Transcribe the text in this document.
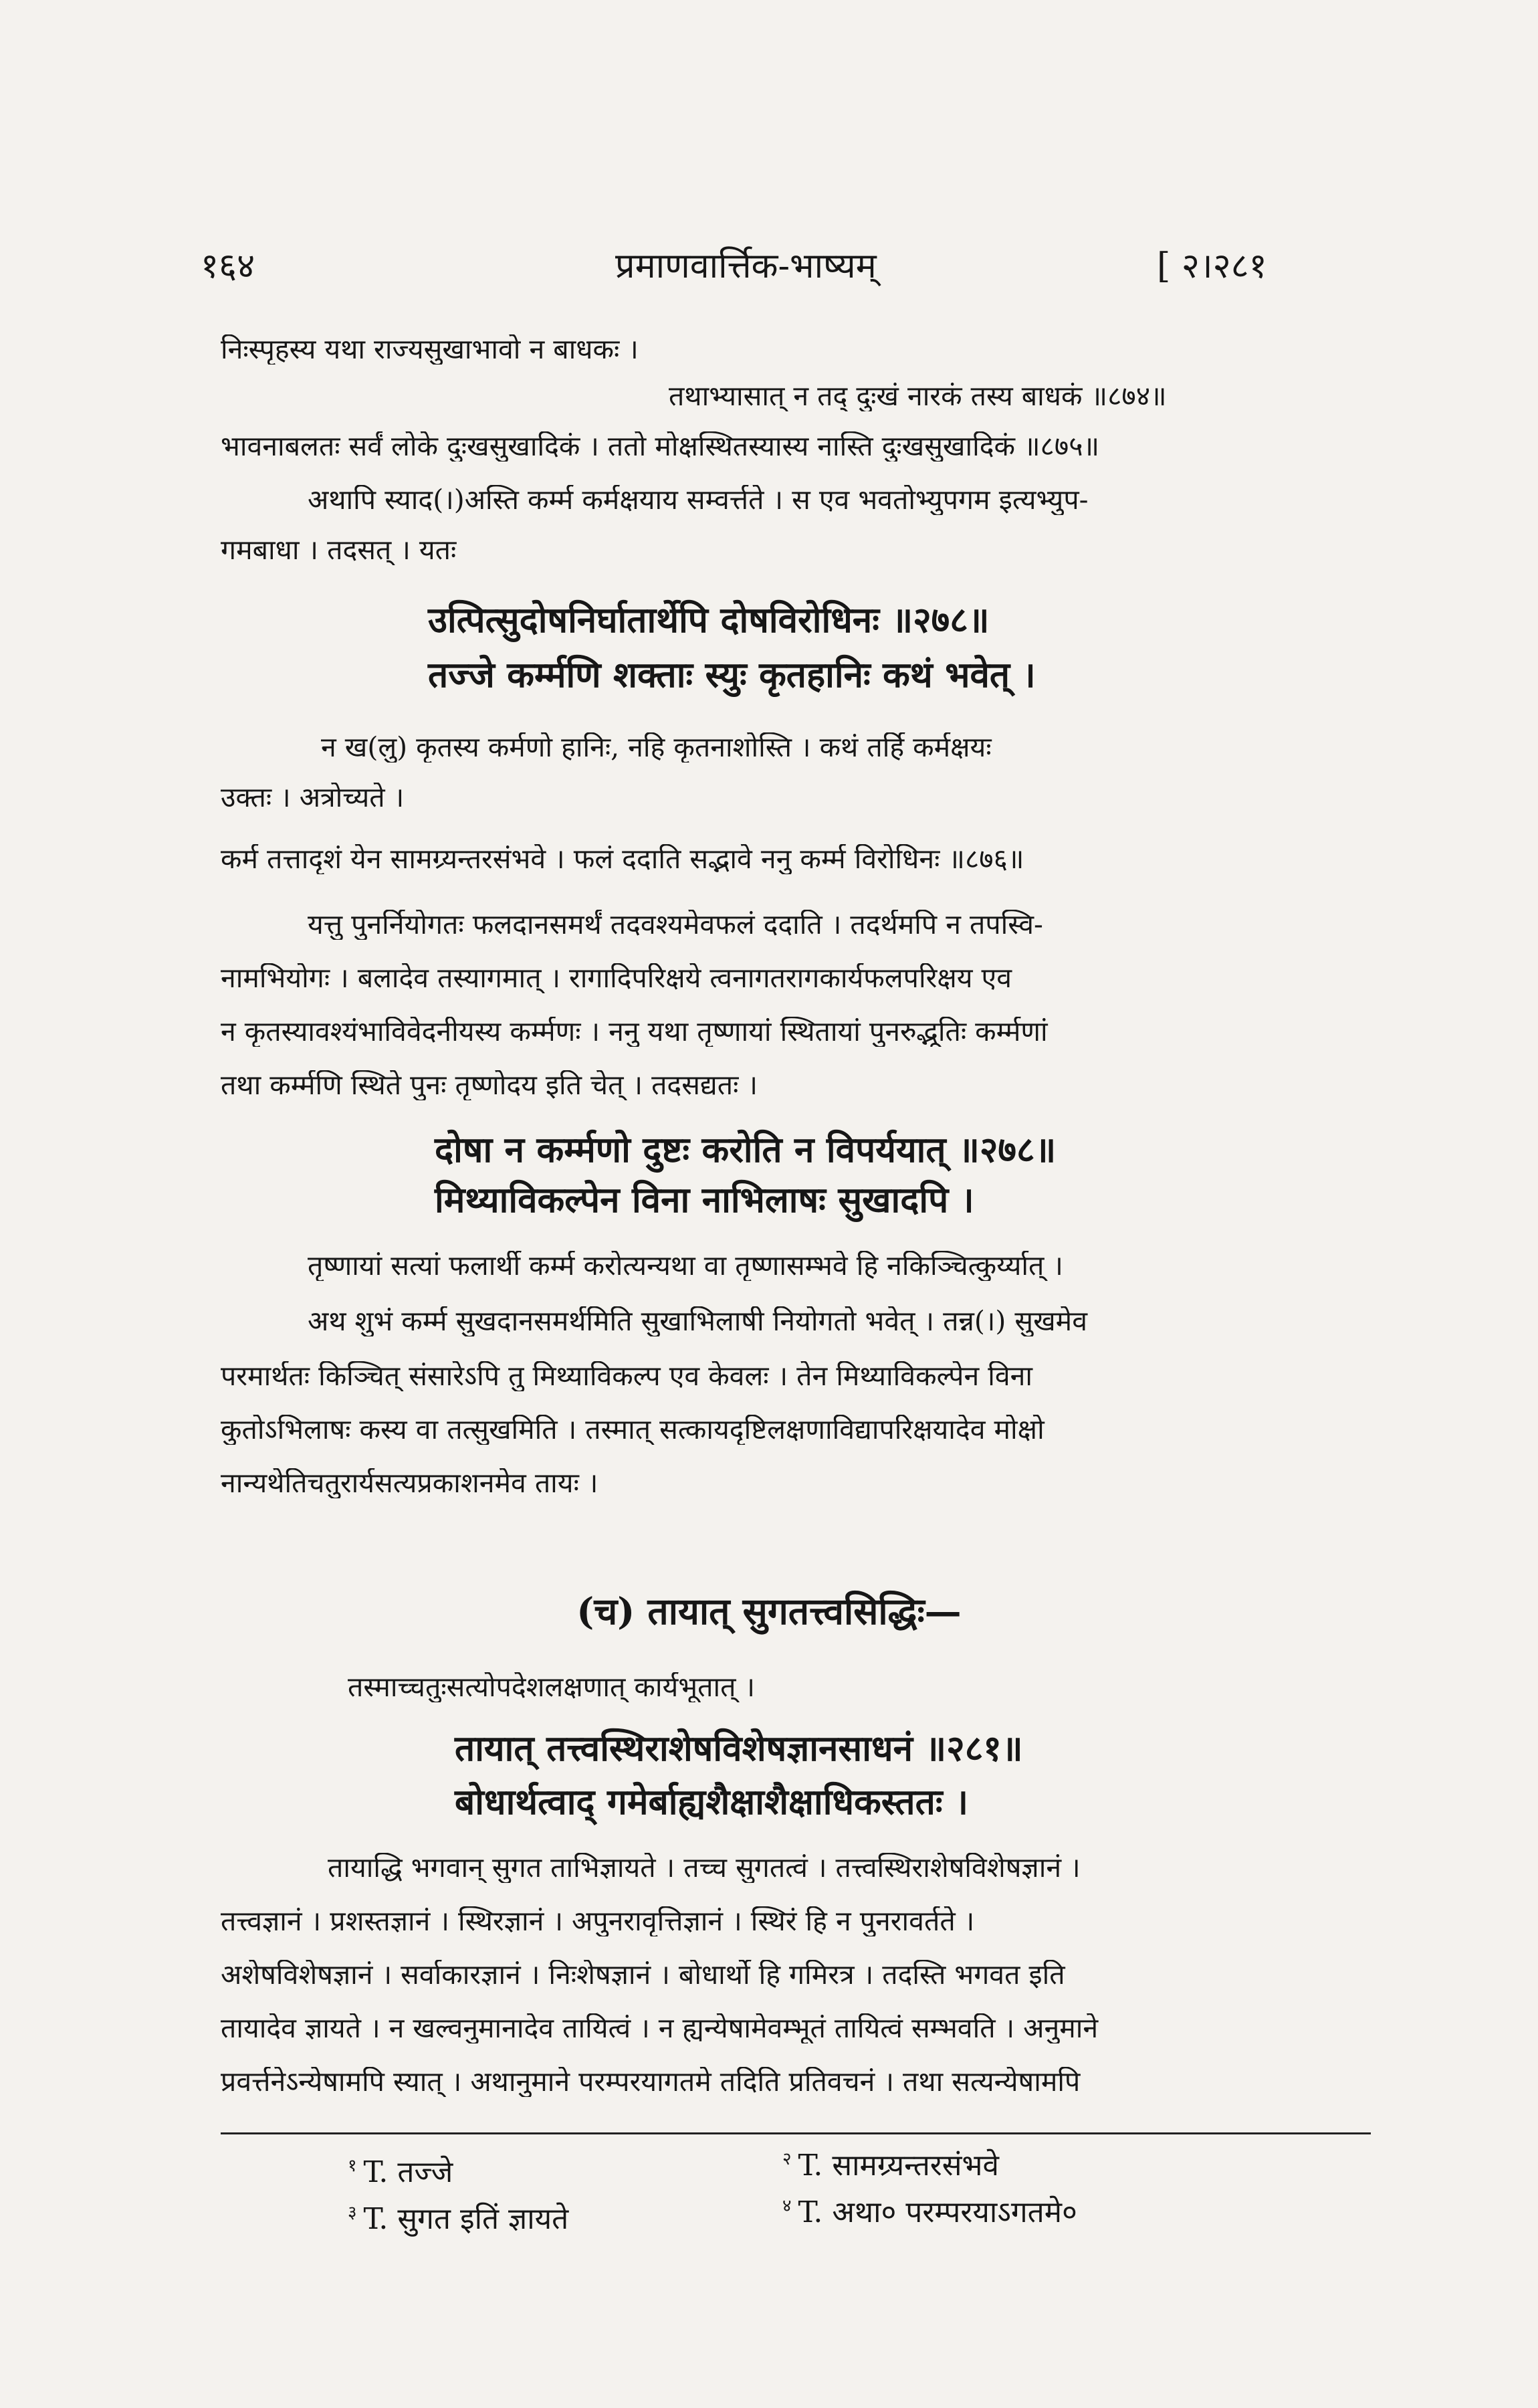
१६४	प्रमाणवार्त्तिक-भाष्यम्	[ २।२८१
निःस्पृहस्य यथा राज्यसुखाभावो न बाधकः ।
तथाभ्यासात् न तद् दुःखं नारकं तस्य बाधकं ॥८७४॥
भावनाबलतः सर्वं लोके दुःखसुखादिकं । ततो मोक्षस्थितस्यास्य नास्ति दुःखसुखादिकं ॥८७५॥
अथापि स्याद(।)अस्ति कर्म्म कर्मक्षयाय सम्वर्त्तते । स एव भवतोभ्युपगम इत्यभ्युप-
गमबाधा । तदसत् । यतः
उत्पित्सुदोषनिर्घातार्थेपि दोषविरोधिनः ॥२७८॥
तज्जे कर्म्मणि शक्ताः स्युः कृतहानिः कथं भवेत् ।
न ख(लु) कृतस्य कर्मणो हानिः, नहि कृतनाशोस्ति । कथं तर्हि कर्मक्षयः
उक्तः । अत्रोच्यते ।
कर्म तत्तादृशं येन सामग्र्यन्तरसंभवे । फलं ददाति सद्भावे ननु कर्म्म विरोधिनः ॥८७६॥
यत्तु पुनर्नियोगतः फलदानसमर्थं तदवश्यमेवफलं ददाति । तदर्थमपि न तपस्वि-
नामभियोगः । बलादेव तस्यागमात् । रागादिपरिक्षये त्वनागतरागकार्यफलपरिक्षय एव
न कृतस्यावश्यंभाविवेदनीयस्य कर्म्मणः । ननु यथा तृष्णायां स्थितायां पुनरुद्भूतिः कर्म्मणां
तथा कर्म्मणि स्थिते पुनः तृष्णोदय इति चेत् । तदसद्यतः ।
दोषा न कर्म्मणो दुष्टः करोति न विपर्ययात् ॥२७८॥
मिथ्याविकल्पेन विना नाभिलाषः सुखादपि ।
तृष्णायां सत्यां फलार्थी कर्म्म करोत्यन्यथा वा तृष्णासम्भवे हि नकिञ्चित्कुर्य्यात् ।
अथ शुभं कर्म्म सुखदानसमर्थमिति सुखाभिलाषी नियोगतो भवेत् । तन्न(।) सुखमेव
परमार्थतः किञ्चित् संसारेऽपि तु मिथ्याविकल्प एव केवलः । तेन मिथ्याविकल्पेन विना
कुतोऽभिलाषः कस्य वा तत्सुखमिति । तस्मात् सत्कायदृष्टिलक्षणाविद्यापरिक्षयादेव मोक्षो
नान्यथेतिचतुरार्यसत्यप्रकाशनमेव तायः ।
(च) तायात् सुगतत्त्वसिद्धिः—
तस्माच्चतुःसत्योपदेशलक्षणात् कार्यभूतात् ।
तायात् तत्त्वस्थिराशेषविशेषज्ञानसाधनं ॥२८१॥
बोधार्थत्वाद् गमेर्बाह्यशैक्षाशैक्षाधिकस्ततः ।
तायाद्धि भगवान् सुगत ताभिज्ञायते । तच्च सुगतत्वं । तत्त्वस्थिराशेषविशेषज्ञानं ।
तत्त्वज्ञानं । प्रशस्तज्ञानं । स्थिरज्ञानं । अपुनरावृत्तिज्ञानं । स्थिरं हि न पुनरावर्तते ।
अशेषविशेषज्ञानं । सर्वाकारज्ञानं । निःशेषज्ञानं । बोधार्थो हि गमिरत्र । तदस्ति भगवत इति
तायादेव ज्ञायते । न खल्वनुमानादेव तायित्वं । न ह्यन्येषामेवम्भूतं तायित्वं सम्भवति । अनुमाने
प्रवर्त्तनेऽन्येषामपि स्यात् । अथानुमाने परम्परयागतमे तदिति प्रतिवचनं । तथा सत्यन्येषामपि
$^१$ T. तज्जे	$^२$ T. सामग्र्यन्तरसंभवे
$^३$ T. सुगत इतिं ज्ञायते	$^४$ T. अथा० परम्परयाऽगतमे०
